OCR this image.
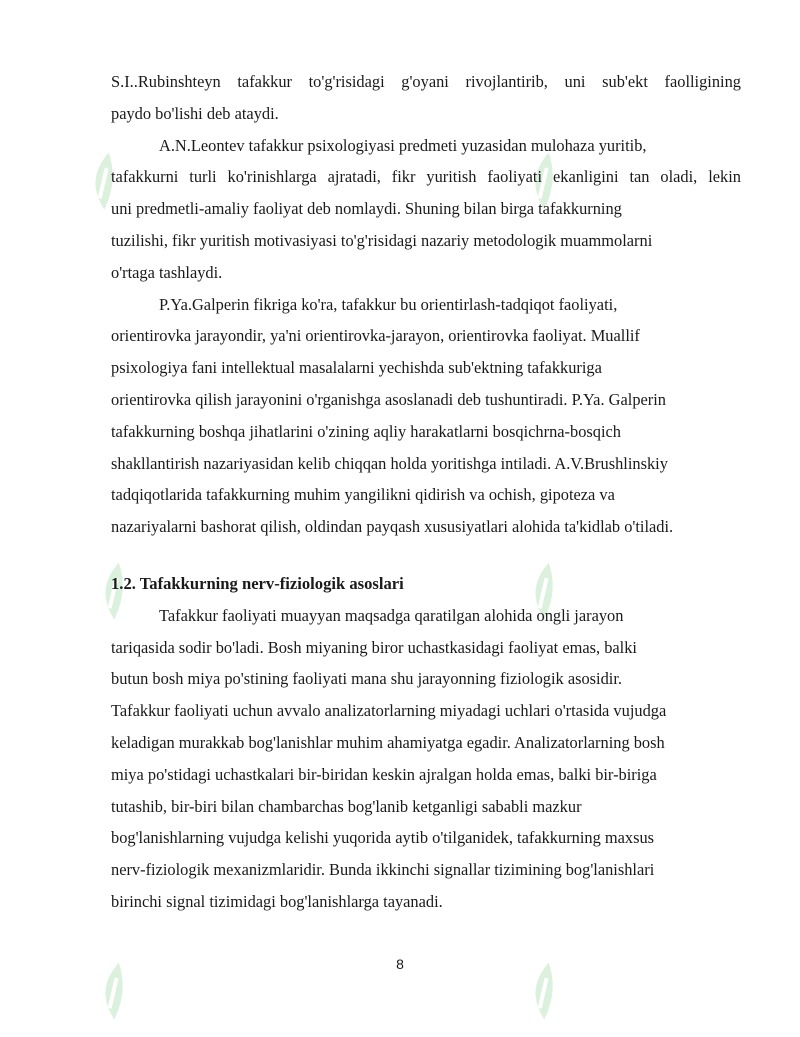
S.I..Rubinshteyn tafakkur to'g'risidagi g'oyani rivojlantirib, uni sub'ekt faolligining
paydo bo'lishi deb ataydi.
A.N.Leontev tafakkur psixologiyasi predmeti yuzasidan mulohaza yuritib,
tafakkurni turli ko'rinishlarga ajratadi, fikr yuritish faoliyati ekanligini tan oladi, lekin
uni predmetli-amaliy faoliyat deb nomlaydi. Shuning bilan birga tafakkurning
tuzilishi, fikr yuritish motivasiyasi to'g'risidagi nazariy metodologik muammolarni
o'rtaga tashlaydi.
P.Ya.Galperin fikriga ko'ra, tafakkur bu orientirlash-tadqiqot faoliyati,
orientirovka jarayondir, ya'ni orientirovka-jarayon, orientirovka faoliyat. Muallif
psixologiya fani intellektual masalalarni yechishda sub'ektning tafakkuriga
orientirovka qilish jarayonini o'rganishga asoslanadi deb tushuntiradi. P.Ya. Galperin
tafakkurning boshqa jihatlarini o'zining aqliy harakatlarni bosqichrna-bosqich
shakllantirish nazariyasidan kelib chiqqan holda yoritishga intiladi. A.V.Brushlinskiy
tadqiqotlarida tafakkurning muhim yangilikni qidirish va ochish, gipoteza va
nazariyalarni bashorat qilish, oldindan payqash xususiyatlari alohida ta'kidlab o'tiladi.
1.2. Tafakkurning nerv-fiziologik asoslari
Tafakkur faoliyati muayyan maqsadga qaratilgan alohida ongli jarayon
tariqasida sodir bo'ladi. Bosh miyaning biror uchastkasidagi faoliyat emas, balki
butun bosh miya po'stining faoliyati mana shu jarayonning fiziologik asosidir.
Tafakkur faoliyati uchun avvalo analizatorlarning miyadagi uchlari o'rtasida vujudga
keladigan murakkab bog'lanishlar muhim ahamiyatga egadir. Analizatorlarning bosh
miya po'stidagi uchastkalari bir-biridan keskin ajralgan holda emas, balki bir-biriga
tutashib, bir-biri bilan chambarchas bog'lanib ketganligi sababli mazkur
bog'lanishlarning vujudga kelishi yuqorida aytib o'tilganidek, tafakkurning maxsus
nerv-fiziologik mexanizmlaridir. Bunda ikkinchi signallar tizimining bog'lanishlari
birinchi signal tizimidagi bog'lanishlarga tayanadi.
8
